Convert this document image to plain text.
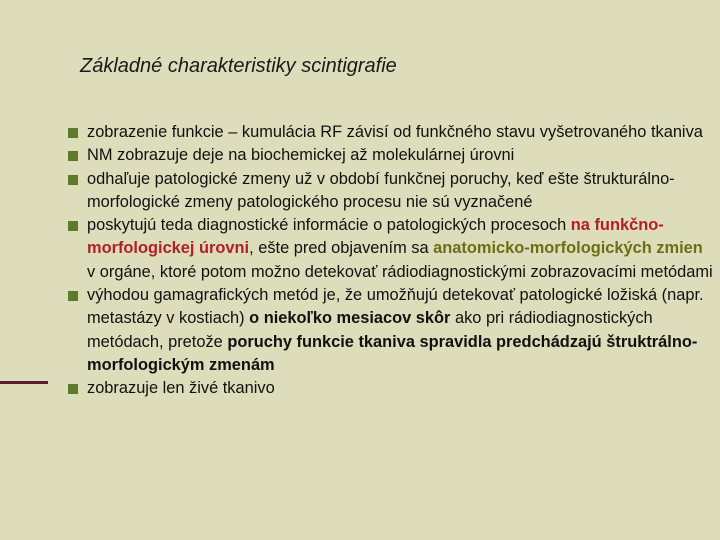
Základné charakteristiky scintigrafie
zobrazenie funkcie – kumulácia RF závisí od funkčného stavu vyšetrovaného tkaniva
NM zobrazuje deje na biochemickej až molekulárnej úrovni
odhaľuje patologické zmeny už v období funkčnej poruchy, keď ešte štrukturálno-morfologické zmeny patologického procesu nie sú vyznačené
poskytujú teda diagnostické informácie o patologických procesoch na funkčno-morfologickej úrovni, ešte pred objavením sa anatomicko-morfologických zmien v orgáne, ktoré potom možno detekovať rádiodiagnostickými zobrazovacími metódami
výhodou gamagrafických metód je, že umožňujú detekovať patologické ložiská (napr. metastázy v kostiach) o niekoľko mesiacov skôr ako pri rádiodiagnostických metódach, pretože poruchy funkcie tkaniva spravidla predchádzajú štruktrálno-morfologickým zmenám
zobrazuje len živé tkanivo
